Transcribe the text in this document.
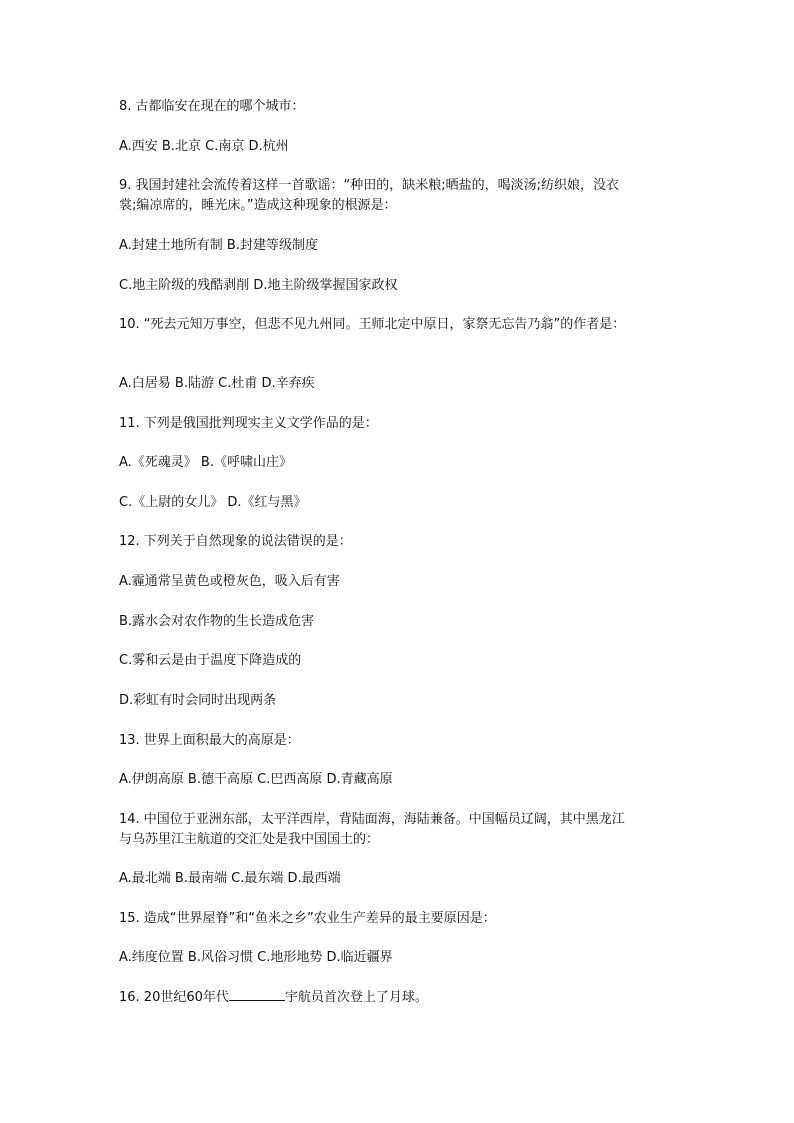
8. 古都临安在现在的哪个城市：
A.西安 B.北京 C.南京 D.杭州
9. 我国封建社会流传着这样一首歌谣：“种田的，缺米粮;晒盐的，喝淡汤;纺织娘，没衣
裳;编凉席的，睡光床。”造成这种现象的根源是：
A.封建土地所有制 B.封建等级制度
C.地主阶级的残酷剥削 D.地主阶级掌握国家政权
10. “死去元知万事空，但悲不见九州同。王师北定中原日，家祭无忘告乃翁”的作者是：
A.白居易 B.陆游 C.杜甫 D.辛弃疾
11. 下列是俄国批判现实主义文学作品的是：
A.《死魂灵》 B.《呼啸山庄》
C.《上尉的女儿》 D.《红与黑》
12. 下列关于自然现象的说法错误的是：
A.霾通常呈黄色或橙灰色，吸入后有害
B.露水会对农作物的生长造成危害
C.雾和云是由于温度下降造成的
D.彩虹有时会同时出现两条
13. 世界上面积最大的高原是：
A.伊朗高原 B.德干高原 C.巴西高原 D.青藏高原
14. 中国位于亚洲东部，太平洋西岸，背陆面海，海陆兼备。中国幅员辽阔，其中黑龙江
与乌苏里江主航道的交汇处是我中国国土的：
A.最北端 B.最南端 C.最东端 D.最西端
15. 造成“世界屋脊”和“鱼米之乡”农业生产差异的最主要原因是：
A.纬度位置 B.风俗习惯 C.地形地势 D.临近疆界
16. 20世纪60年代	宇航员首次登上了月球。
